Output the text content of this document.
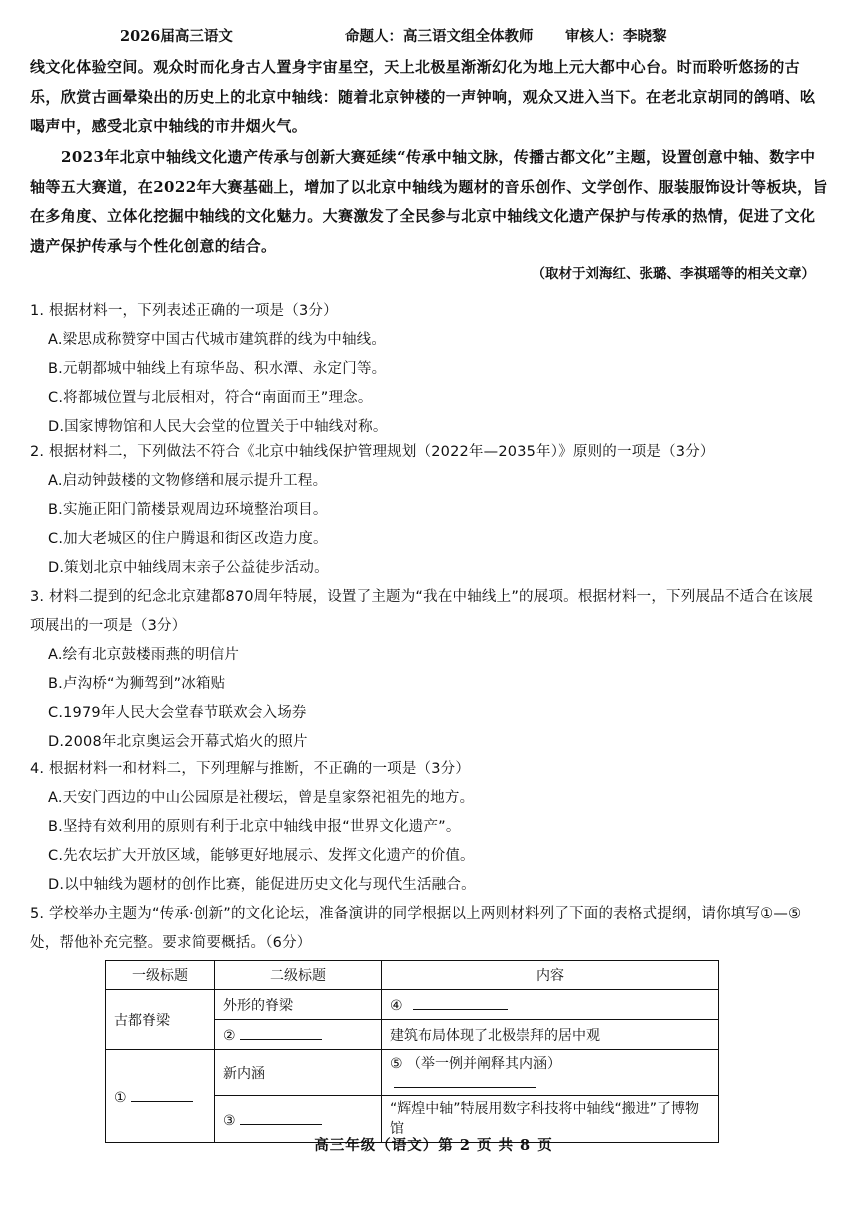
2026届高三语文	命题人：高三语文组全体教师 审核人：李晓黎
线文化体验空间。观众时而化身古人置身宇宙星空，天上北极星渐渐幻化为地上元大都中心台。时而聆听悠扬的古乐，欣赏古画晕染出的历史上的北京中轴线：随着北京钟楼的一声钟响，观众又进入当下。在老北京胡同的鸽哨、吆喝声中，感受北京中轴线的市井烟火气。
2023年北京中轴线文化遗产传承与创新大赛延续“传承中轴文脉，传播古都文化”主题，设置创意中轴、数字中轴等五大赛道，在2022年大赛基础上，增加了以北京中轴线为题材的音乐创作、文学创作、服装服饰设计等板块，旨在多角度、立体化挖掘中轴线的文化魅力。大赛激发了全民参与北京中轴线文化遗产保护与传承的热情，促进了文化遗产保护传承与个性化创意的结合。
（取材于刘海红、张璐、李祺瑶等的相关文章）
1. 根据材料一，下列表述正确的一项是（3分）
A.梁思成称赞穿中国古代城市建筑群的线为中轴线。
B.元朝都城中轴线上有琼华岛、积水潭、永定门等。
C.将都城位置与北辰相对，符合“南面而王”理念。
D.国家博物馆和人民大会堂的位置关于中轴线对称。
2. 根据材料二，下列做法不符合《北京中轴线保护管理规划（2022年—2035年）》原则的一项是（3分）
A.启动钟鼓楼的文物修缮和展示提升工程。
B.实施正阳门箭楼景观周边环境整治项目。
C.加大老城区的住户腾退和街区改造力度。
D.策划北京中轴线周末亲子公益徒步活动。
3. 材料二提到的纪念北京建都870周年特展，设置了主题为“我在中轴线上”的展项。根据材料一，下列展品不适合在该展项展出的一项是（3分）
A.绘有北京鼓楼雨燕的明信片
B.卢沟桥“为狮驾到”冰箱贴
C.1979年人民大会堂春节联欢会入场券
D.2008年北京奥运会开幕式焰火的照片
4. 根据材料一和材料二，下列理解与推断，不正确的一项是（3分）
A.天安门西边的中山公园原是社稷坛，曾是皇家祭祀祖先的地方。
B.坚持有效利用的原则有利于北京中轴线申报“世界文化遗产”。
C.先农坛扩大开放区域，能够更好地展示、发挥文化遗产的价值。
D.以中轴线为题材的创作比赛，能促进历史文化与现代生活融合。
5. 学校举办主题为“传承·创新”的文化论坛，准备演讲的同学根据以上两则材料列了下面的表格式提纲，请你填写①—⑤处，帮他补充完整。要求简要概括。（6分）
一级标题	二级标题	内容
古都脊梁	外形的脊梁	④
	②	建筑布局体现了北极崇拜的居中观
①	新内涵	⑤ （举一例并阐释其内涵）
	③	“辉煌中轴”特展用数字科技将中轴线“搬进”了博物馆
高三年级（语文）第 2 页 共 8 页
